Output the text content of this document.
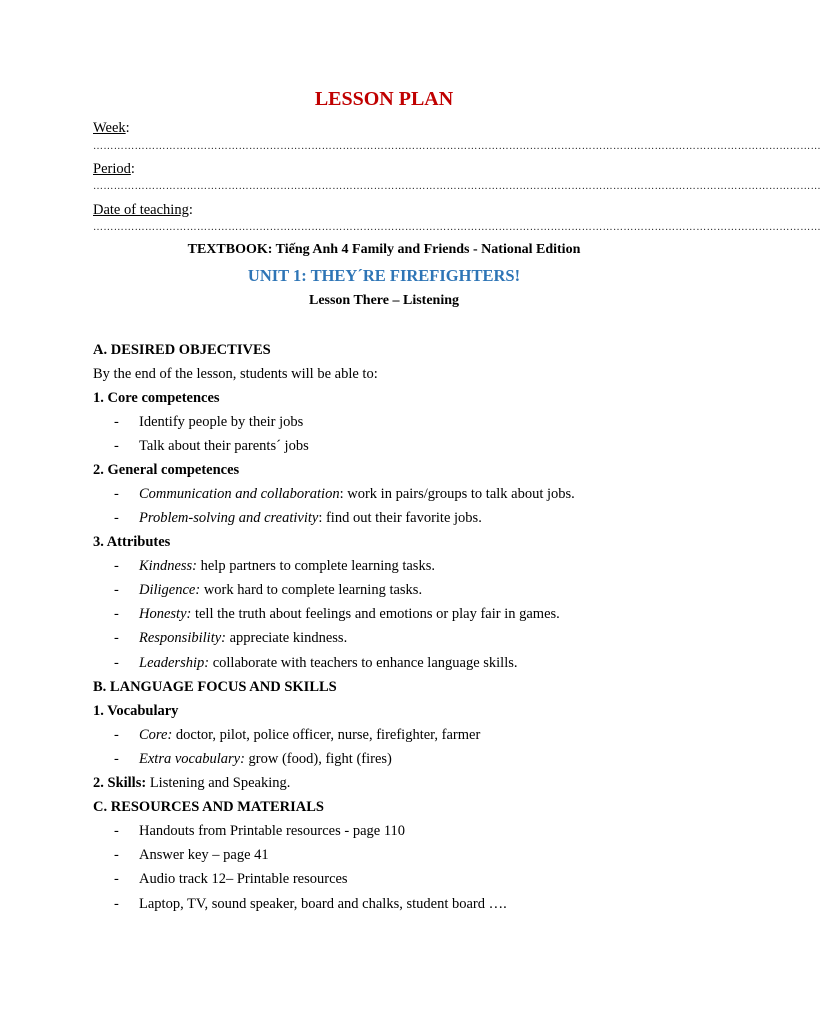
LESSON PLAN
Week:
…………………………………………………………………………………………………………………………………………………………………………………………
Period:
…………………………………………………………………………………………………………………………………………………………………………………………
Date of teaching:
…………………………………………………………………………………………………………………………………………………………………………………………
TEXTBOOK: Tiếng Anh 4 Family and Friends - National Edition
UNIT 1: THEY´RE FIREFIGHTERS!
Lesson There – Listening
A. DESIRED OBJECTIVES
By the end of the lesson, students will be able to:
1. Core competences
- Identify people by their jobs
- Talk about their parents´ jobs
2. General competences
- Communication and collaboration: work in pairs/groups to talk about jobs.
- Problem-solving and creativity: find out their favorite jobs.
3. Attributes
- Kindness: help partners to complete learning tasks.
- Diligence: work hard to complete learning tasks.
- Honesty: tell the truth about feelings and emotions or play fair in games.
- Responsibility: appreciate kindness.
- Leadership: collaborate with teachers to enhance language skills.
B. LANGUAGE FOCUS AND SKILLS
1. Vocabulary
- Core: doctor, pilot, police officer, nurse, firefighter, farmer
- Extra vocabulary: grow (food), fight (fires)
2. Skills: Listening and Speaking.
C. RESOURCES AND MATERIALS
- Handouts from Printable resources - page 110
- Answer key – page 41
- Audio track 12– Printable resources
- Laptop, TV, sound speaker, board and chalks, student board ….
